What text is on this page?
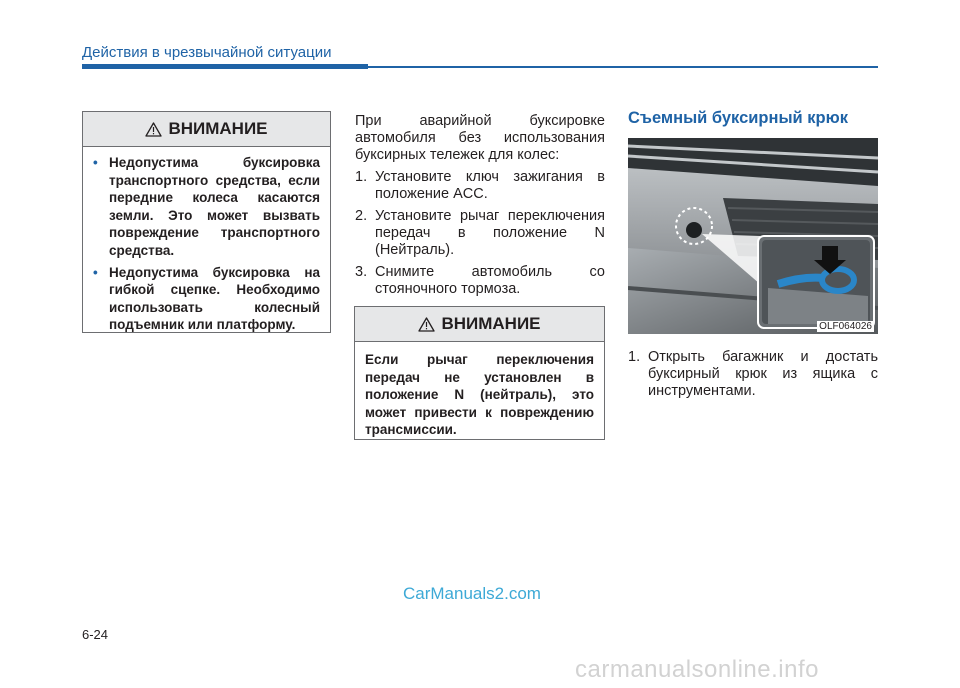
Действия в чрезвычайной ситуации
ВНИМАНИЕ
• Недопустима буксировка транспортного средства, если передние колеса касаются земли. Это может вызвать повреждение транспортного средства.
• Недопустима буксировка на гибкой сцепке. Необходимо использовать колесный подъемник или платформу.
При аварийной буксировке автомобиля без использования буксирных тележек для колес:
1. Установите ключ зажигания в положение ACC.
2. Установите рычаг переключения передач в положение N (Нейтраль).
3. Снимите автомобиль со стояночного тормоза.
ВНИМАНИЕ
Если рычаг переключения передач не установлен в положение N (нейтраль), это может привести к повреждению трансмиссии.
Съемный буксирный крюк
OLF064026
1. Открыть багажник и достать буксирный крюк из ящика с инструментами.
CarManuals2.com
6-24
carmanualsonline.info
